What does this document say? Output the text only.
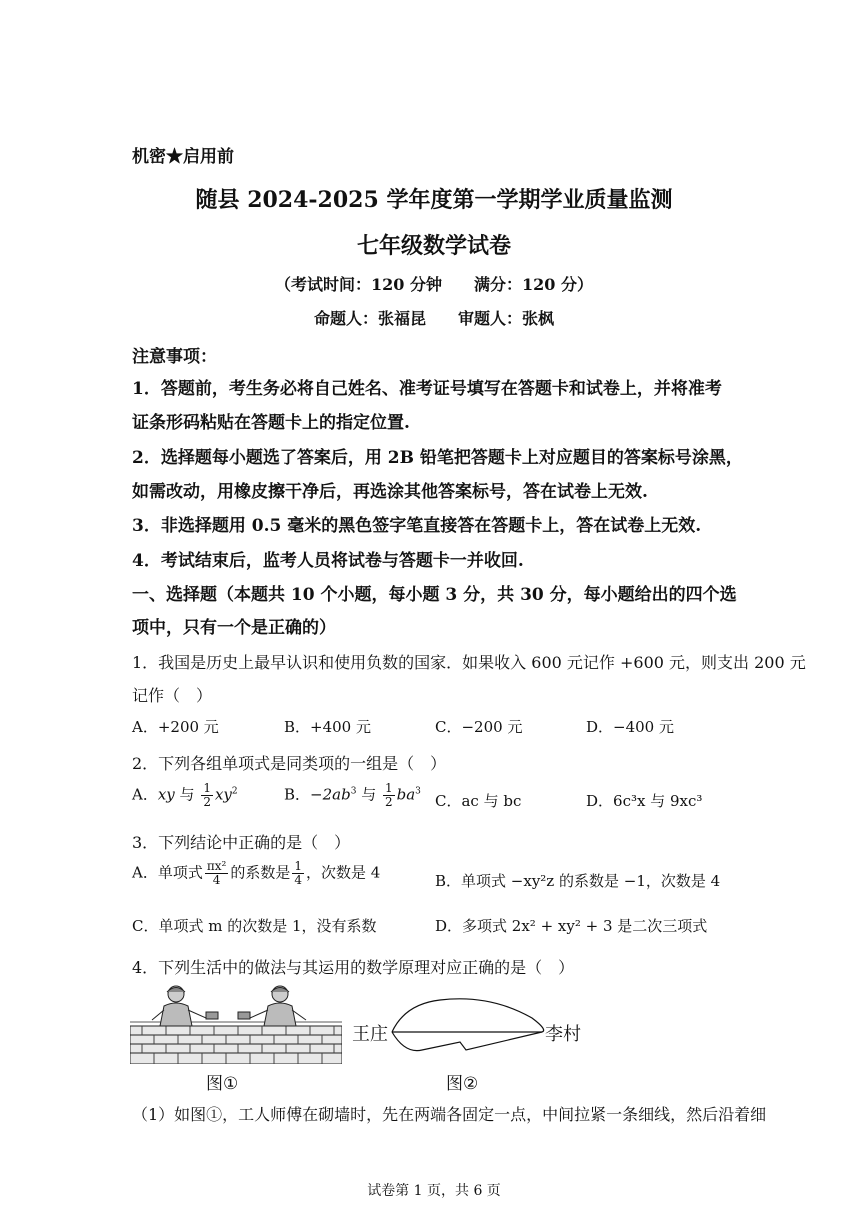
机密★启用前
随县 2024-2025 学年度第一学期学业质量监测
七年级数学试卷
（考试时间：120 分钟　　满分：120 分）
命题人：张福昆　　审题人：张枫
注意事项：
1．答题前，考生务必将自己姓名、准考证号填写在答题卡和试卷上，并将准考
证条形码粘贴在答题卡上的指定位置.
2．选择题每小题选了答案后，用 2B 铅笔把答题卡上对应题目的答案标号涂黑，
如需改动，用橡皮擦干净后，再选涂其他答案标号，答在试卷上无效.
3．非选择题用 0.5 毫米的黑色签字笔直接答在答题卡上，答在试卷上无效.
4．考试结束后，监考人员将试卷与答题卡一并收回.
一、选择题（本题共 10 个小题，每小题 3 分，共 30 分，每小题给出的四个选
项中，只有一个是正确的）
1．我国是历史上最早认识和使用负数的国家．如果收入 600 元记作 +600 元，则支出 200 元
记作（　）
A．+200 元	B．+400 元	C．−200 元	D．−400 元
2．下列各组单项式是同类项的一组是（　）
A．xy 与 $\frac{1}{2} xy^2$	B．$-2ab^3$ 与 $\frac{1}{2} ba^3$
C．ac 与 bc	D．6c³x 与 9xc³
3．下列结论中正确的是（　）
A．单项式 $\frac{\text{πx²}}{4}$ 的系数是 $\frac{1}{4}$ ，次数是 4	B．单项式 −xy²z 的系数是 −1，次数是 4
C．单项式 m 的次数是 1，没有系数	D．多项式 2x² + xy² + 3 是二次三项式
4．下列生活中的做法与其运用的数学原理对应正确的是（　）
图①
王庄	李村
图②
（1）如图①，工人师傅在砌墙时，先在两端各固定一点，中间拉紧一条细线，然后沿着细
试卷第 1 页，共 6 页
